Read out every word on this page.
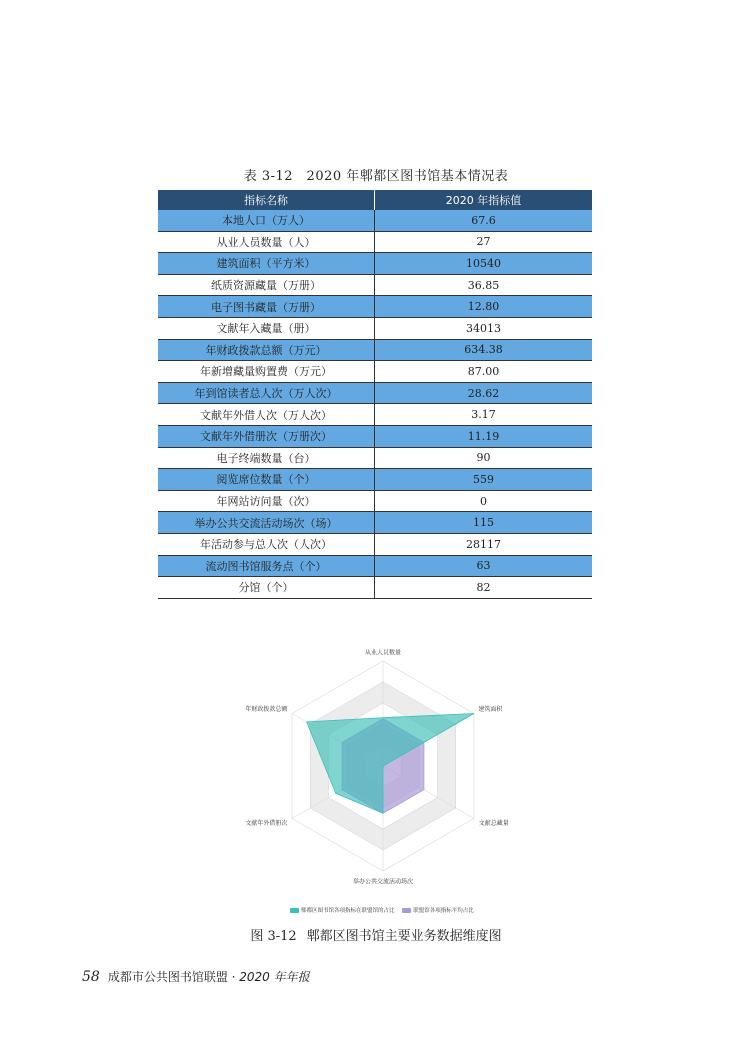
表 3-12　2020 年郫都区图书馆基本情况表
指标名称	2020 年指标值
本地人口（万人）	67.6
从业人员数量（人）	27
建筑面积（平方米）	10540
纸质资源藏量（万册）	36.85
电子图书藏量（万册）	12.80
文献年入藏量（册）	34013
年财政拨款总额（万元）	634.38
年新增藏量购置费（万元）	87.00
年到馆读者总人次（万人次）	28.62
文献年外借人次（万人次）	3.17
文献年外借册次（万册次）	11.19
电子终端数量（台）	90
阅览席位数量（个）	559
年网站访问量（次）	0
举办公共交流活动场次（场）	115
年活动参与总人次（人次）	28117
流动图书馆服务点（个）	63
分馆（个）	82
从业人员数量
建筑面积
文献总藏量
举办公共交流活动场次
文献年外借册次
年财政拨款总额
郫都区图书馆各项指标在联盟馆的占比	联盟馆各项指标平均占比
图 3-12 郫都区图书馆主要业务数据维度图
58 成都市公共图书馆联盟 · 2020 年年报
